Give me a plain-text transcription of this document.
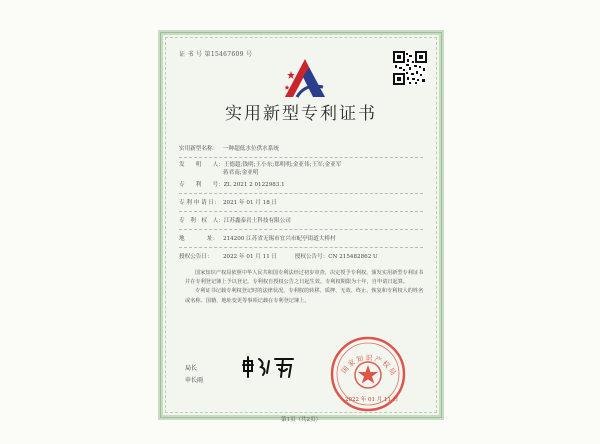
证 书 号 第15467609 号
实用新型专利证书
实用新型名称： 一种超低水位供水系统
发　　明　　人：王德超;钱明;王小东;郑明明;金亚伟;王军;金亚军
蒋君南;金亚明
专　　利　　号：ZL 2021 2 0122983.1
专 利 申 请 日： 2021 年 01 月 18 日
专　利　权　人：江苏鑫泰岩土科技有限公司
地　　　　址： 214200 江苏省无锡市宜兴市屺亭街道大桥村
授权公告日： 2022 年 01 月 11 日	授权公告号：CN 215482862 U

国家知识产权局依照中华人民共和国专利法经过初步审查，决定授予专利权，颁发实用新型专利证书并在专利登记簿上予以登记。专利权自授权公告之日起生效。专利权期限为十年，自申请日起算。

专利证书记载专利权登记时的法律状况。专利权的转移、质押、无效、终止、恢复和专利权人的姓名或名称、国籍、地址变更等事项记载在专利登记簿上。

局长
申长雨
国家知识产权局
2022 年 01 月 11 日
第1页（共2页）
